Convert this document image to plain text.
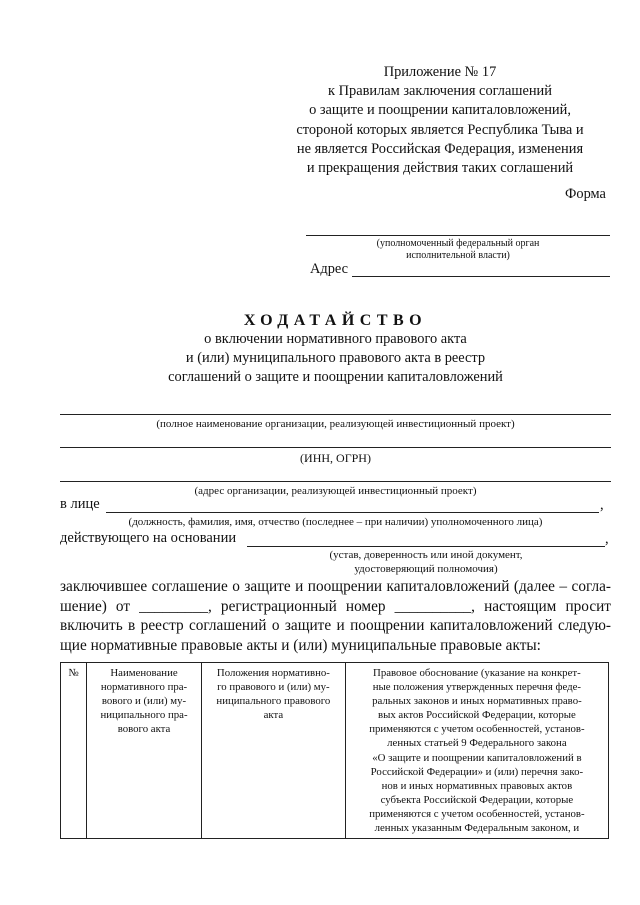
Приложение № 17
к Правилам заключения соглашений
о защите и поощрении капиталовложений,
стороной которых является Республика Тыва и
не является Российская Федерация, изменения
и прекращения действия таких соглашений
Форма
(уполномоченный федеральный орган
исполнительной власти)
Адрес
ХОДАТАЙСТВО
о включении нормативного правового акта
и (или) муниципального правового акта в реестр
соглашений о защите и поощрении капиталовложений
(полное наименование организации, реализующей инвестиционный проект)
(ИНН, ОГРН)
(адрес организации, реализующей инвестиционный проект)
в лице	,
(должность, фамилия, имя, отчество (последнее – при наличии) уполномоченного лица)
действующего на основании	,
(устав, доверенность или иной документ,
удостоверяющий полномочия)
заключившее соглашение о защите и поощрении капиталовложений (далее – согла-
шение) от _________, регистрационный номер __________, настоящим просит
включить в реестр соглашений о защите и поощрении капиталовложений следую-
щие нормативные правовые акты и (или) муниципальные правовые акты:
№	Наименование
нормативного пра-
вового и (или) му-
ниципального пра-
вового акта

Положения нормативно-
го правового и (или) му-
ниципального правового
акта

Правовое обоснование (указание на конкрет-
ные положения утвержденных перечня феде-
ральных законов и иных нормативных право-
вых актов Российской Федерации, которые
применяются с учетом особенностей, установ-
ленных статьей 9 Федерального закона
«О защите и поощрении капиталовложений в
Российской Федерации» и (или) перечня зако-
нов и иных нормативных правовых актов
субъекта Российской Федерации, которые
применяются с учетом особенностей, установ-
ленных указанным Федеральным законом, и
